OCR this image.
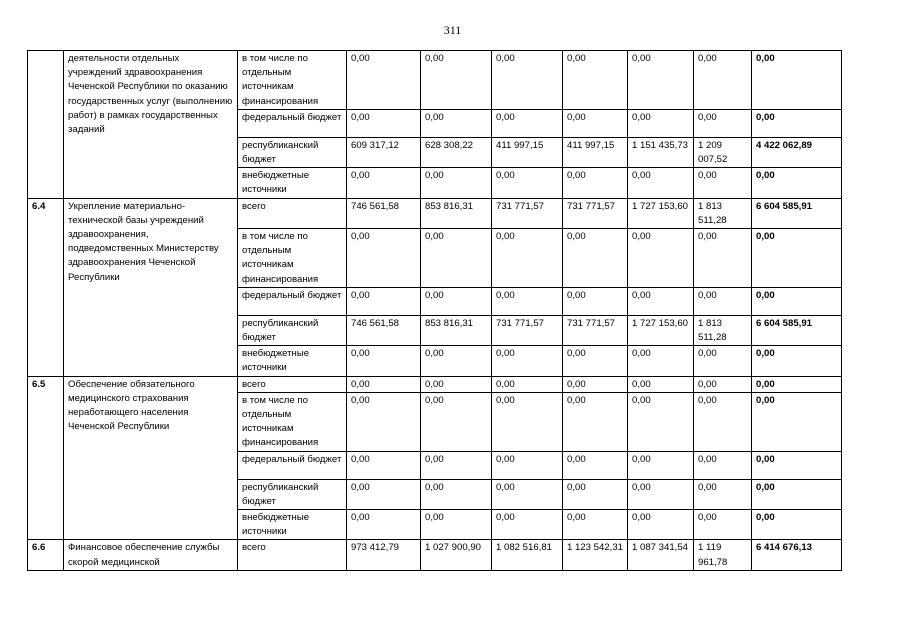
311
	деятельности отдельных учреждений здравоохранения Чеченской Республики по оказанию государственных услуг (выполнению работ) в рамках государственных заданий	в том числе по отдельным источникам финансирования	0,00	0,00	0,00	0,00	0,00	0,00	0,00
		федеральный бюджет	0,00	0,00	0,00	0,00	0,00	0,00	0,00
		республиканский бюджет	609 317,12	628 308,22	411 997,15	411 997,15	1 151 435,73	1 209 007,52	4 422 062,89
		внебюджетные источники	0,00	0,00	0,00	0,00	0,00	0,00	0,00
6.4	Укрепление материально-технической базы учреждений здравоохранения, подведомственных Министерству здравоохранения Чеченской Республики	всего	746 561,58	853 816,31	731 771,57	731 771,57	1 727 153,60	1 813 511,28	6 604 585,91
		в том числе по отдельным источникам финансирования	0,00	0,00	0,00	0,00	0,00	0,00	0,00
		федеральный бюджет	0,00	0,00	0,00	0,00	0,00	0,00	0,00
		республиканский бюджет	746 561,58	853 816,31	731 771,57	731 771,57	1 727 153,60	1 813 511,28	6 604 585,91
		внебюджетные источники	0,00	0,00	0,00	0,00	0,00	0,00	0,00
6.5	Обеспечение обязательного медицинского страхования неработающего населения Чеченской Республики	всего	0,00	0,00	0,00	0,00	0,00	0,00	0,00
		в том числе по отдельным источникам финансирования	0,00	0,00	0,00	0,00	0,00	0,00	0,00
		федеральный бюджет	0,00	0,00	0,00	0,00	0,00	0,00	0,00
		республиканский бюджет	0,00	0,00	0,00	0,00	0,00	0,00	0,00
		внебюджетные источники	0,00	0,00	0,00	0,00	0,00	0,00	0,00
6.6	Финансовое обеспечение службы скорой медицинской	всего	973 412,79	1 027 900,90	1 082 516,81	1 123 542,31	1 087 341,54	1 119 961,78	6 414 676,13
